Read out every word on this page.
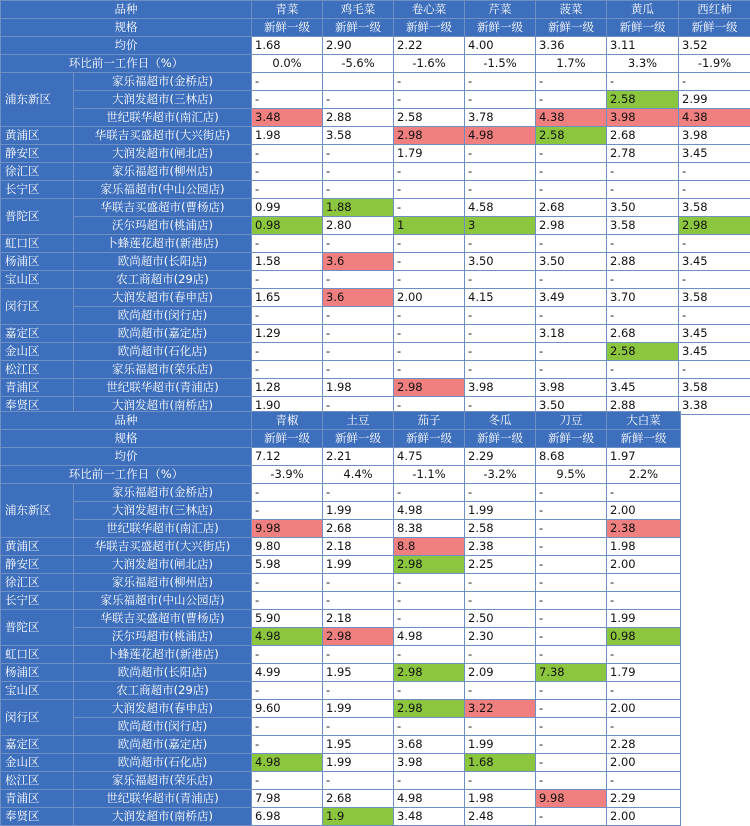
品种		青菜	鸡毛菜	卷心菜	芹菜	菠菜	黄瓜	西红柿
规格		新鲜一级	新鲜一级	新鲜一级	新鲜一级	新鲜一级	新鲜一级	新鲜一级
均价		1.68	2.90	2.22	4.00	3.36	3.11	3.52
环比前一工作日（%）		0.0%	-5.6%	-1.6%	-1.5%	1.7%	3.3%	-1.9%
浦东新区	家乐福超市(金桥店)	-		-	-	-	-	-
	大润发超市(三林店)	-	-	-	-	-	2.58	2.99
	世纪联华超市(南汇店)	3.48	2.88	2.58	3.78	4.38	3.98	4.38
黄浦区	华联吉买盛超市(大兴街店)	1.98	3.58	2.98	4.98	2.58	2.68	3.98
静安区	大润发超市(闸北店)	-	-	1.79	-	-	2.78	3.45
徐汇区	家乐福超市(柳州店)	-	-	-	-	-	-	-
长宁区	家乐福超市(中山公园店)	-	-	-	-	-	-	-
普陀区	华联吉买盛超市(曹杨店)	0.99	1.88	-	4.58	2.68	3.50	3.58
	沃尔玛超市(桃浦店)	0.98	2.80	1	3	2.98	3.58	2.98
虹口区	卜蜂莲花超市(新港店)	-	-	-	-	-	-	-
杨浦区	欧尚超市(长阳店)	1.58	3.6	-	3.50	3.50	2.88	3.45
宝山区	农工商超市(29店)	-	-	-	-	-	-	-
闵行区	大润发超市(春申店)	1.65	3.6	2.00	4.15	3.49	3.70	3.58
	欧尚超市(闵行店)	-	-	-	-	-	-	-
嘉定区	欧尚超市(嘉定店)	1.29	-	-	-	3.18	2.68	3.45
金山区	欧尚超市(石化店)	-	-	-	-	-	2.58	3.45
松江区	家乐福超市(荣乐店)	-	-	-	-	-	-	-
青浦区	世纪联华超市(青浦店)	1.28	1.98	2.98	3.98	3.98	3.45	3.58
奉贤区	大润发超市(南桥店)	1.90	-	-	-	3.50	2.88	3.38
品种		青椒	土豆	茄子	冬瓜	刀豆	大白菜
规格		新鲜一级	新鲜一级	新鲜一级	新鲜一级	新鲜一级	新鲜一级
均价		7.12	2.21	4.75	2.29	8.68	1.97
环比前一工作日（%）		-3.9%	4.4%	-1.1%	-3.2%	9.5%	2.2%
浦东新区	家乐福超市(金桥店)	-	-	-	-	-	-
	大润发超市(三林店)	-	1.99	4.98	1.99	-	2.00
	世纪联华超市(南汇店)	9.98	2.68	8.38	2.58	-	2.38
黄浦区	华联吉买盛超市(大兴街店)	9.80	2.18	8.8	2.38	-	1.98
静安区	大润发超市(闸北店)	5.98	1.99	2.98	2.25	-	2.00
徐汇区	家乐福超市(柳州店)	-	-	-	-	-	-
长宁区	家乐福超市(中山公园店)	-	-	-	-	-	-
普陀区	华联吉买盛超市(曹杨店)	5.90	2.18	-	2.50	-	1.99
	沃尔玛超市(桃浦店)	4.98	2.98	4.98	2.30	-	0.98
虹口区	卜蜂莲花超市(新港店)	-	-	-	-	-	-
杨浦区	欧尚超市(长阳店)	4.99	1.95	2.98	2.09	7.38	1.79
宝山区	农工商超市(29店)	-	-	-	-	-	-
闵行区	大润发超市(春申店)	9.60	1.99	2.98	3.22	-	2.00
	欧尚超市(闵行店)	-	-	-	-	-	-
嘉定区	欧尚超市(嘉定店)	-	1.95	3.68	1.99	-	2.28
金山区	欧尚超市(石化店)	4.98	1.99	3.98	1.68	-	2.00
松江区	家乐福超市(荣乐店)	-	-	-	-	-	-
青浦区	世纪联华超市(青浦店)	7.98	2.68	4.98	1.98	9.98	2.29
奉贤区	大润发超市(南桥店)	6.98	1.9	3.48	2.48	-	2.00
